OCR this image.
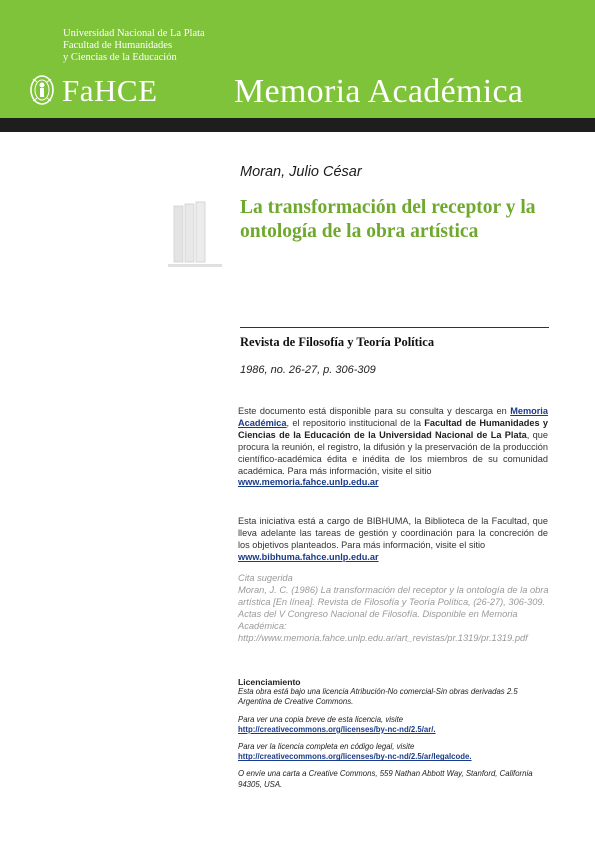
Universidad Nacional de La Plata
Facultad de Humanidades
y Ciencias de la Educación
FaHCE Memoria Académica
Moran, Julio César
La transformación del receptor y la ontología de la obra artística
Revista de Filosofía y Teoría Política
1986, no. 26-27, p. 306-309
Este documento está disponible para su consulta y descarga en Memoria Académica, el repositorio institucional de la Facultad de Humanidades y Ciencias de la Educación de la Universidad Nacional de La Plata, que procura la reunión, el registro, la difusión y la preservación de la producción científico-académica édita e inédita de los miembros de su comunidad académica. Para más información, visite el sitio
www.memoria.fahce.unlp.edu.ar
Esta iniciativa está a cargo de BIBHUMA, la Biblioteca de la Facultad, que lleva adelante las tareas de gestión y coordinación para la concreción de los objetivos planteados. Para más información, visite el sitio
www.bibhuma.fahce.unlp.edu.ar
Cita sugerida
Moran, J. C. (1986) La transformación del receptor y la ontología de la obra artística [En línea]. Revista de Filosofía y Teoría Política, (26-27), 306-309. Actas del V Congreso Nacional de Filosofía. Disponible en Memoria Académica:
http://www.memoria.fahce.unlp.edu.ar/art_revistas/pr.1319/pr.1319.pdf
Licenciamiento
Esta obra está bajo una licencia Atribución-No comercial-Sin obras derivadas 2.5 Argentina de Creative Commons.
Para ver una copia breve de esta licencia, visite
http://creativecommons.org/licenses/by-nc-nd/2.5/ar/.
Para ver la licencia completa en código legal, visite
http://creativecommons.org/licenses/by-nc-nd/2.5/ar/legalcode.
O envíe una carta a Creative Commons, 559 Nathan Abbott Way, Stanford, California 94305, USA.
